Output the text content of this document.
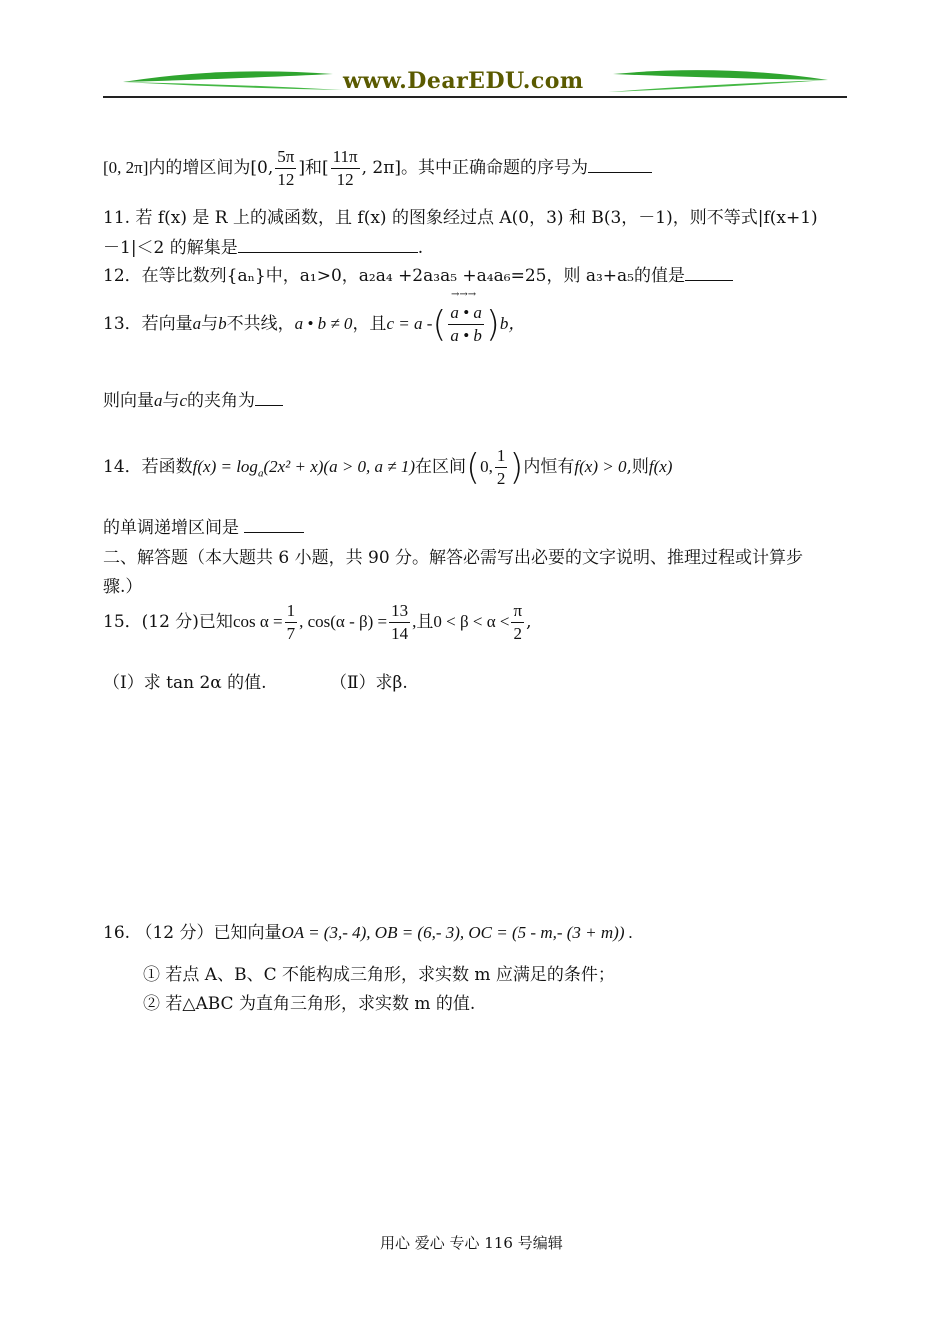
www.DearEDU.com
[0, 2π]内的增区间为[0, $\frac{5\pi}{12}$ ]和[ $\frac{11\pi}{12}$ , 2π]。其中正确命题的序号为
11. 若 f(x) 是 R 上的减函数，且 f(x) 的图象经过点 A(0，3) 和 B(3，－1)，则不等式|f(x+1)
－1|＜2 的解集是	.
12．在等比数列{aₙ}中，a₁>0，a₂a₄ +2a₃a₅ +a₄a₆=25，则 a₃+a₅的值是
13．若向量a与b不共线，a • b ≠ 0，且c = a -( $\frac{a • a}{a • b} )b$，
→→→
则向量a与c的夹角为
14．若函数$f(x) = \log_a(2x^2 + x)(a > 0$, a ≠ 1)在区间(0, $\frac{1}{2}$ )内恒有f(x) > 0,则f(x)
的单调递增区间是
二、解答题（本大题共 6 小题，共 90 分。解答必需写出必要的文字说明、推理过程或计算步
骤.）
15．(12 分)已知$\cos \alpha = \frac{1}{7}$ , $\cos(\alpha - \beta) = \frac{13}{14}$ ,且$0 < \beta < \alpha < \frac{\pi}{2}$ ,
（Ⅰ）求 tan 2α 的值.	（Ⅱ）求β.
16. （12 分）已知向量OA = (3,- 4), OB = (6,- 3), OC = (5 - m,- (3 + m)) .
① 若点 A、B、C 不能构成三角形，求实数 m 应满足的条件；
② 若△ABC 为直角三角形，求实数 m 的值.
用心 爱心 专心 116 号编辑
